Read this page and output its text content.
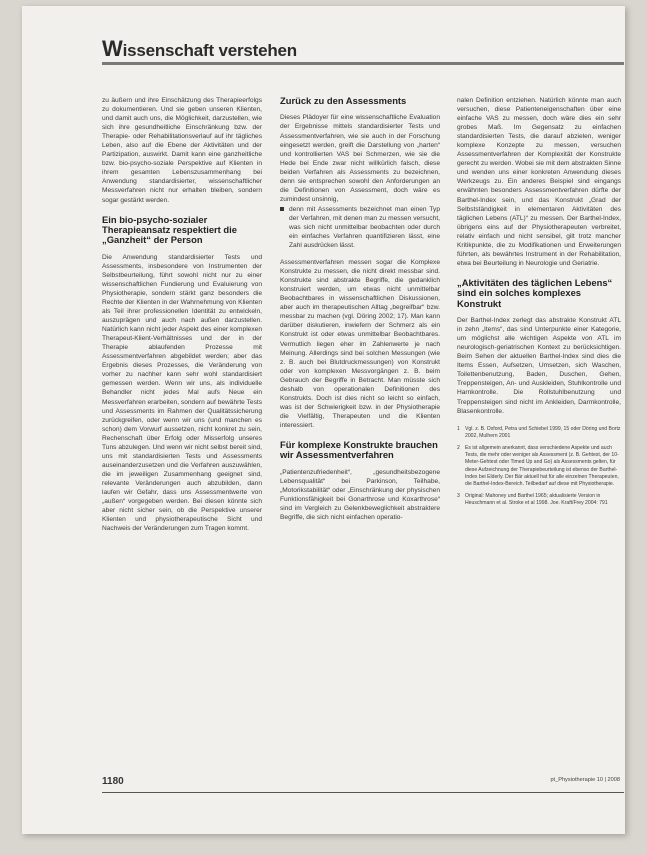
Wissenschaft verstehen

zu äußern und ihre Einschätzung des Therapieerfolgs zu dokumentieren. Und sie geben unseren Klienten, und damit auch uns, die Möglichkeit, darzustellen, wie sich ihre gesundheitliche Einschränkung bzw. der Therapie- oder Rehabilitationsverlauf auf ihr tägliches Leben, also auf die Ebene der Aktivitäten und der Partizipation, auswirkt. Damit kann eine ganzheitliche bzw. bio-psycho-soziale Perspektive auf Klienten in ihrem gesamten Lebenszusammenhang bei Anwendung standardisierter, wissenschaftlicher Messverfahren nicht nur erhalten bleiben, sondern sogar gestärkt werden.

Ein bio-psycho-sozialer Therapieansatz respektiert die „Ganzheit“ der Person

Die Anwendung standardisierter Tests und Assessments, insbesondere von Instrumenten der Selbstbeurteilung, führt sowohl nicht nur zu einer wissenschaftlichen Fundierung und Evaluierung von Physiotherapie, sondern stärkt ganz besonders die Rechte der Klienten in der Wahrnehmung von Klienten als Teil ihrer professionellen Identität zu entwickeln, auszuprägen und auch nach außen darzustellen. Natürlich kann nicht jeder Aspekt des einer komplexen Therapeut-Klient-Verhältnisses und der in der Therapie ablaufenden Prozesse mit Assessmentverfahren abgebildet werden; aber das Ergebnis dieses Prozesses, die Veränderung von vorher zu nachher kann sehr wohl standardisiert gemessen werden. Wenn wir uns, als individuelle Behandler nicht jedes Mal aufs Neue ein Messverfahren erarbeiten, sondern auf bewährte Tests und Assessments im Rahmen der Qualitätssicherung zurückgreifen, oder wenn wir uns (und manchen es schon) dem Vorwurf aussetzen, nicht konkret zu sein, Rechenschaft über Erfolg oder Misserfolg unseres Tuns abzulegen. Und wenn wir nicht selbst bereit sind, uns mit standardisierten Tests und Assessments auseinanderzusetzen und die Verfahren auszuwählen, die im jeweiligen Zusammenhang geeignet sind, relevante Veränderungen auch abzubilden, dann laufen wir Gefahr, dass uns Assessmentwerte von „außen“ vorgegeben werden. Bei diesen könnte sich aber nicht sicher sein, ob die Perspektive unserer Klienten und physiotherapeutische Sicht und Nachweis der Veränderungen zum Tragen kommt.

Zurück zu den Assessments

Dieses Plädoyer für eine wissenschaftliche Evaluation der Ergebnisse mittels standardisierter Tests und Assessmentverfahren, wie sie auch in der Forschung eingesetzt werden, greift die Darstellung von „harten“ und kontrollierten VAS bei Schmerzen, wie sie die Hede bei Ende zwar nicht willkürlich falsch, diese beiden Verfahren als Assessments zu bezeichnen, denn sie entsprechen sowohl den Anforderungen an die Definitionen von Assessment, doch wäre es zumindest unsinnig,

denn mit Assessments bezeichnet man einen Typ der Verfahren, mit denen man zu messen versucht, was sich nicht unmittelbar beobachten oder durch ein einfaches Verfahren quantifizieren lässt, eine Zahl ausdrücken lässt.

Assessmentverfahren messen sogar die Komplexe Konstrukte zu messen, die nicht direkt messbar sind. Konstrukte sind abstrakte Begriffe, die gedanklich konstruiert werden, um etwas nicht unmittelbar Beobachtbares in wissenschaftlichen Diskussionen, aber auch im therapeutischen Alltag „begreifbar“ bzw. messbar zu machen (vgl. Döring 2002; 17). Man kann darüber diskutieren, inwiefern der Schmerz als ein Konstrukt ist oder etwas unmittelbar Beobachtbares. Vermutlich liegen eher im Zahlenwerte je nach Meinung. Allerdings sind bei solchen Messungen (wie z. B. auch bei Blutdruckmessungen) von Konstrukt oder von komplexen Messvorgängen z. B. beim Gebrauch der Begriffe in Betracht. Man müsste sich deshalb von operationalen Definitionen des Konstrukts. Doch ist dies nicht so leicht so einfach, was ist der Schwierigkeit bzw. in der Physiotherapie die Vielfältig, Therapeuten und die Klienten interessiert.

Für komplexe Konstrukte brauchen wir Assessmentverfahren

„Patientenzufriedenheit“, „gesundheitsbezogene Lebensqualität“ bei Parkinson, Teilhabe, „Motorikstabilität“ oder „Einschränkung der physischen Funktionsfähigkeit bei Gonarthrose und Koxarthrose“ sind im Vergleich zu Gelenkbeweglichkeit abstraktere Begriffe, die sich nicht einfachen operatio-

nalen Definition entziehen. Natürlich könnte man auch versuchen, diese Patienteneigenschaften über eine einfache VAS zu messen, doch wäre dies ein sehr grobes Maß. Im Gegensatz zu einfachen standardisierten Tests, die darauf abzielen, weniger komplexe Konzepte zu messen, versuchen Assessmentverfahren der Komplexität der Konstrukte gerecht zu werden. Wobei sie mit dem abstrakten Sinne und wenden uns einer konkreten Anwendung dieses Werkzeugs zu. Ein anderes Beispiel sind eingangs erwähnten besonders Assessmentverfahren dürfte der Barthel-Index sein, und das Konstrukt „Grad der Selbstständigkeit in elementaren Aktivitäten des täglichen Lebens (ATL)“ zu messen. Der Barthel-Index, übrigens eins auf der Physiotherapeuten verbreitet, relativ einfach und nicht sensibel, gilt trotz mancher Kritikpunkte, die zu Modifikationen und Erweiterungen führten, als bewährtes Instrument in der Rehabilitation, etwa bei Beurteilung in Neurologie und Geriatrie.

„Aktivitäten des täglichen Lebens“ sind ein solches komplexes Konstrukt

Der Barthel-Index zerlegt das abstrakte Konstrukt ATL in zehn „Items“, das sind Unterpunkte einer Kategorie, um möglichst alle wichtigen Aspekte von ATL im neurologisch-geriatrischen Kontext zu berücksichtigen. Beim Sehen der aktuellen Barthel-Index sind dies die Items Essen, Aufsetzen, Umsetzen, sich Waschen, Toilettenbenutzung, Baden, Duschen, Gehen, Treppensteigen, An- und Auskleiden, Stuhlkontrolle und Harnkontrolle. Die Rollstuhlbenutzung und Treppensteigen sind nicht im Ankleiden, Darmkontrolle, Blasenkontrolle.

1 Vgl. z. B. Oxford, Petra und Schiebel 1999, 15 oder Döring und Bortz 2002, Mulhern 2001
2 Es ist allgemein anerkannt, dass verschiedene Aspekte und auch Tests, die mehr oder weniger als Assessment (z. B. Gehtest, der 10-Meter-Gehtest oder Timed Up and Go) als Assessments gelten, für diese Aufzeichnung der Therapiebeurteilung ist ebenso der Barthel-Index bei Elderly. Der Bär aktuell hat für alle einzelnen Therapeuten, die Barthel-Index-Bereich. Teilbedarf auf diese mit Physiotherapie.
3 Original: Mahoney und Barthel 1965; aktualisierte Version in Heuschmann et al. Stroke et al 1998. Joe. Kraft/Frey 2004: 791
1180	pt_Physiotherapie 10 | 2008
